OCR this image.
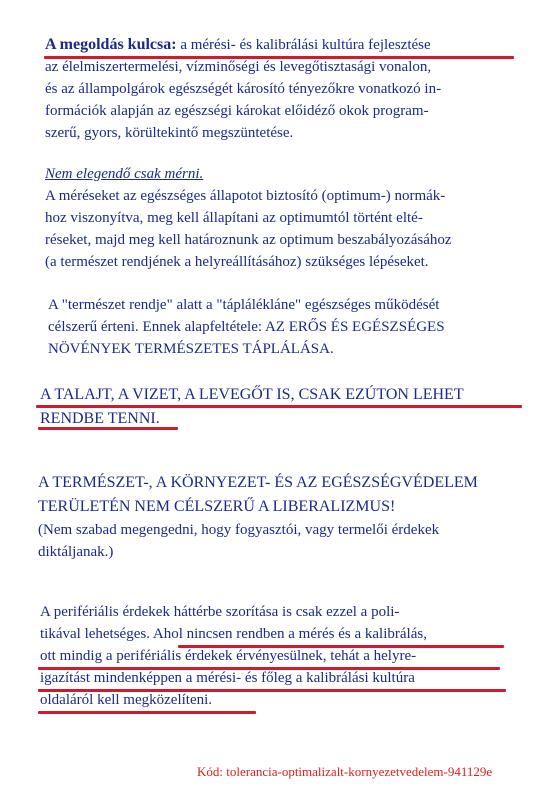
A megoldás kulcsa: a mérési- és kalibrálási kultúra fejlesztése
az élelmiszertermelési, vízminőségi és levegőtisztasági vonalon,
és az állampolgárok egészségét károsító tényezőkre vonatkozó in-
formációk alapján az egészségi károkat előidéző okok program-
szerű, gyors, körültekintő megszüntetése.
Nem elegendő csak mérni.
A méréseket az egészséges állapotot biztosító (optimum-) normák-
hoz viszonyítva, meg kell állapítani az optimumtól történt elté-
réseket, majd meg kell határoznunk az optimum beszabályozásához
(a természet rendjének a helyreállításához) szükséges lépéseket.
A "természet rendje" alatt a "táplálékláne" egészséges működését
célszerű érteni. Ennek alapfeltétele: AZ ERŐS ÉS EGÉSZSÉGES
NÖVÉNYEK TERMÉSZETES TÁPLÁLÁSA.
A TALAJT, A VIZET, A LEVEGŐT IS, CSAK EZÚTON LEHET
RENDBE TENNI.
A TERMÉSZET-, A KÖRNYEZET- ÉS AZ EGÉSZSÉGVÉDELEM
TERÜLETÉN NEM CÉLSZERŰ A LIBERALIZMUS!
(Nem szabad megengedni, hogy fogyasztói, vagy termelői érdekek
diktáljanak.)
A perifériális érdekek háttérbe szorítása is csak ezzel a poli-
tikával lehetséges. Ahol nincsen rendben a mérés és a kalibrálás,
ott mindig a perifériális érdekek érvényesülnek, tehát a helyre-
igazítást mindenképpen a mérési- és főleg a kalibrálási kultúra
oldaláról kell megközelíteni.
Kód: tolerancia-optimalizalt-kornyezetvedelem-941129e
